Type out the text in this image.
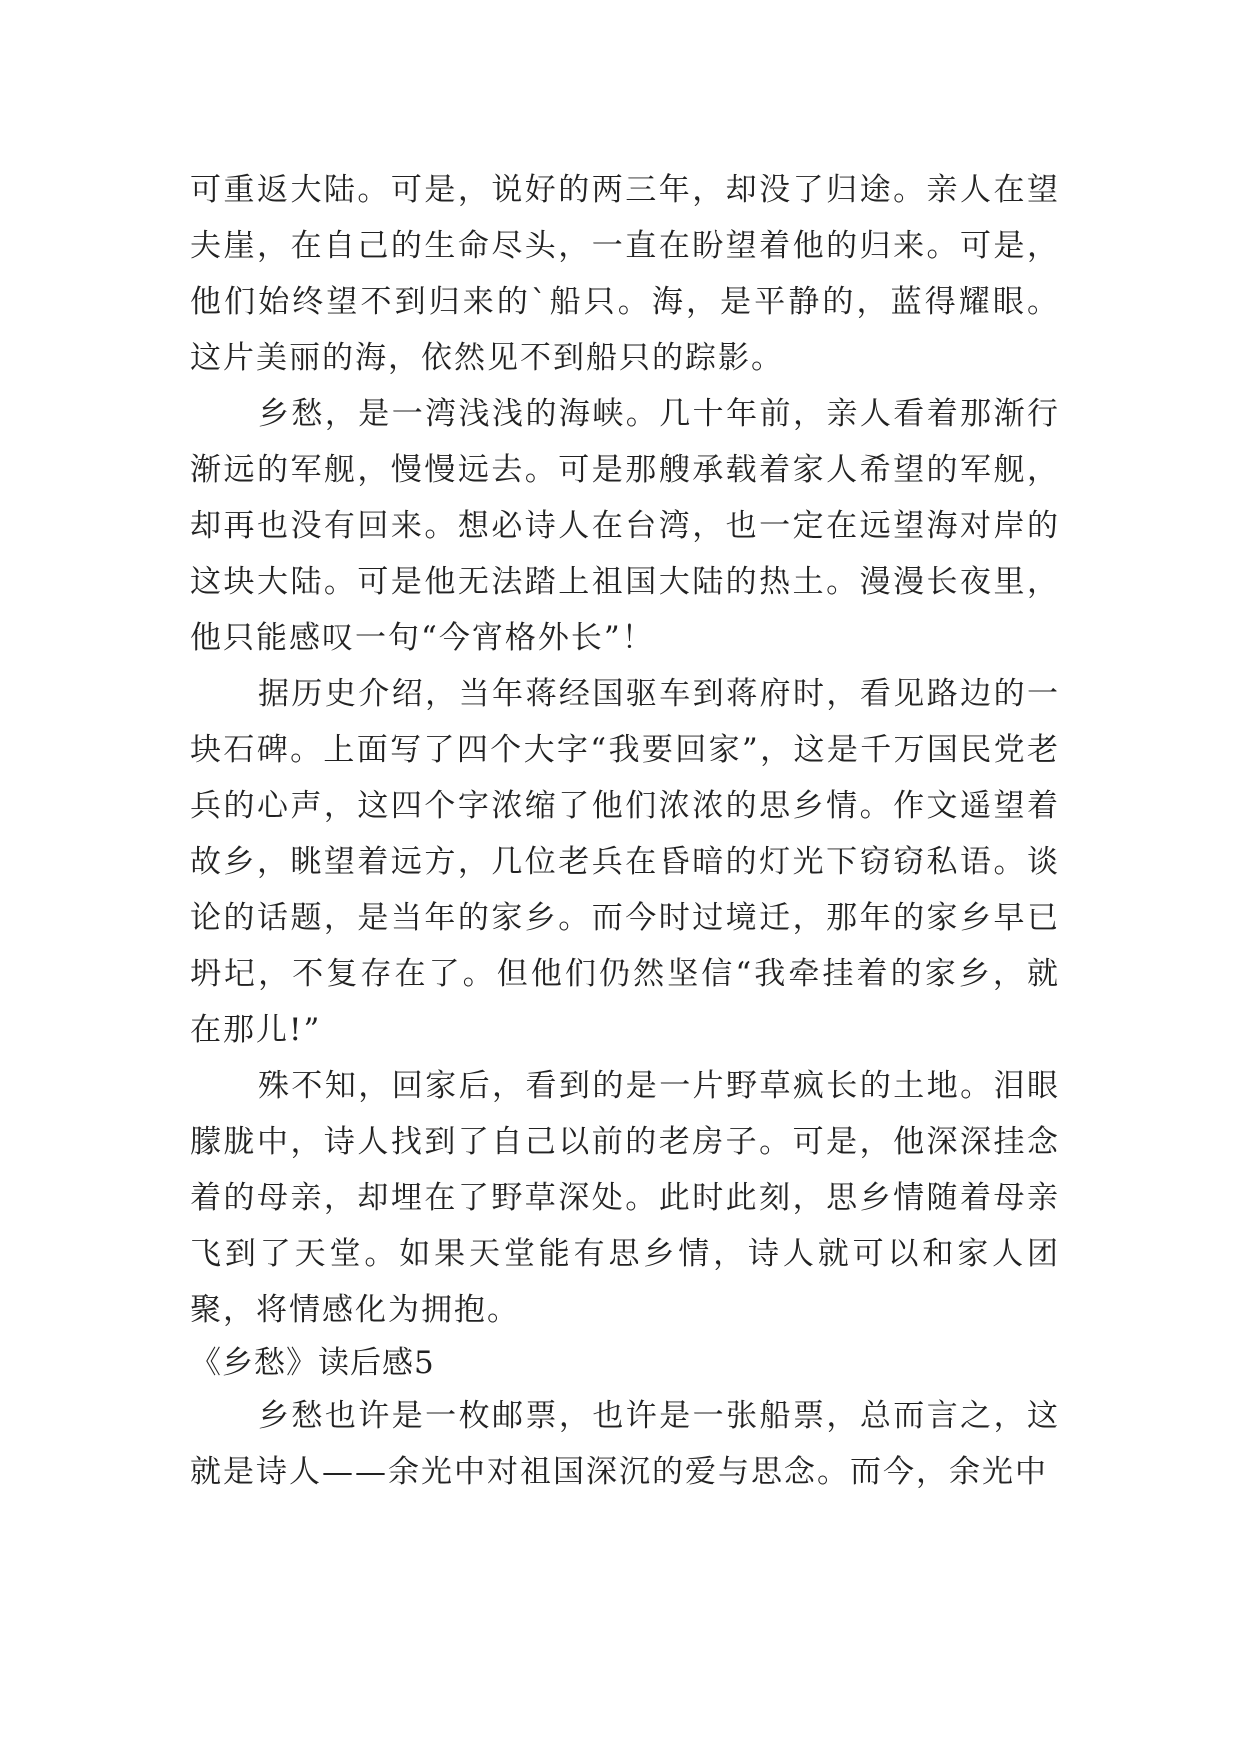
可重返大陆。可是，说好的两三年，却没了归途。亲人在望夫崖，在自己的生命尽头，一直在盼望着他的归来。可是，他们始终望不到归来的`船只。海，是平静的，蓝得耀眼。这片美丽的海，依然见不到船只的踪影。

乡愁，是一湾浅浅的海峡。几十年前，亲人看着那渐行渐远的军舰，慢慢远去。可是那艘承载着家人希望的军舰，却再也没有回来。想必诗人在台湾，也一定在远望海对岸的这块大陆。可是他无法踏上祖国大陆的热土。漫漫长夜里，他只能感叹一句“今宵格外长”！

据历史介绍，当年蒋经国驱车到蒋府时，看见路边的一块石碑。上面写了四个大字“我要回家”，这是千万国民党老兵的心声，这四个字浓缩了他们浓浓的思乡情。作文遥望着故乡，眺望着远方，几位老兵在昏暗的灯光下窃窃私语。谈论的话题，是当年的家乡。而今时过境迁，那年的家乡早已坍圮，不复存在了。但他们仍然坚信“我牵挂着的家乡，就在那儿!”

殊不知，回家后，看到的是一片野草疯长的土地。泪眼朦胧中，诗人找到了自己以前的老房子。可是，他深深挂念着的母亲，却埋在了野草深处。此时此刻，思乡情随着母亲飞到了天堂。如果天堂能有思乡情，诗人就可以和家人团聚，将情感化为拥抱。

《乡愁》读后感5

乡愁也许是一枚邮票，也许是一张船票，总而言之，这就是诗人——余光中对祖国深沉的爱与思念。而今，余光中
